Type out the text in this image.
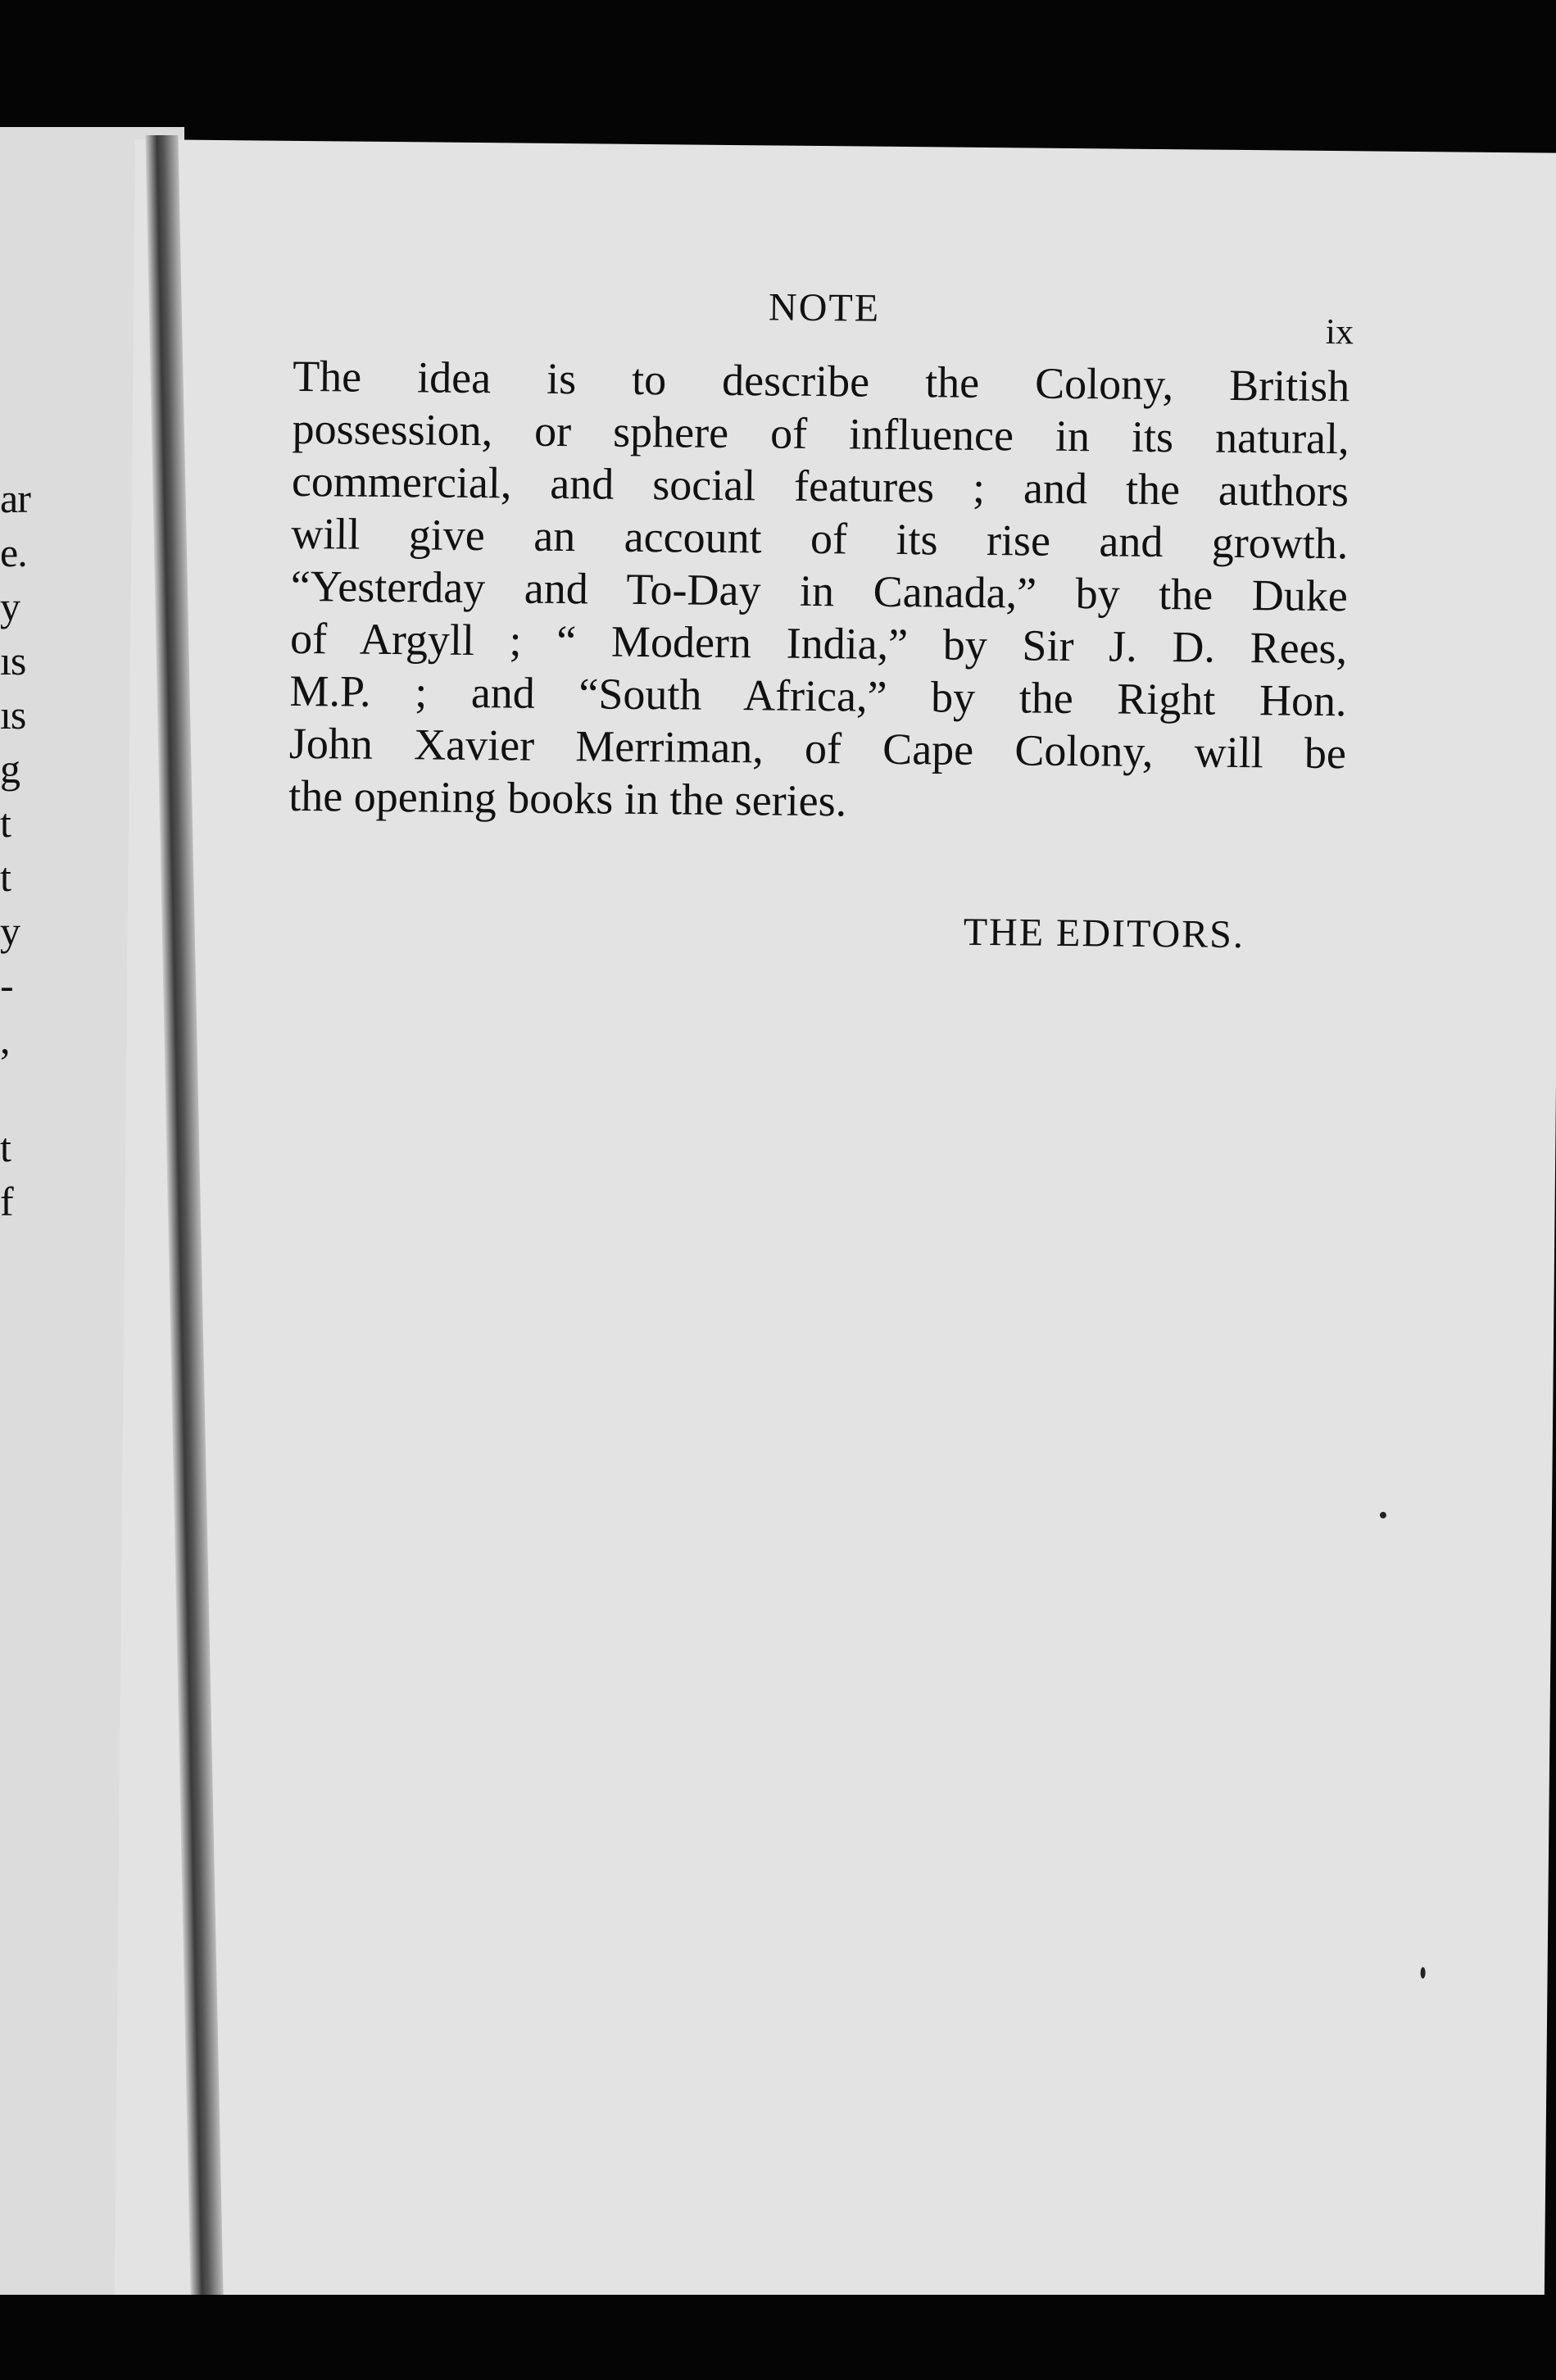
ar
e.
y
ıs
ıs
g
t
t
y
-
,
t
f
NOTE
ix
The idea is to describe the Colony, British
possession, or sphere of influence in its natural,
commercial, and social features ; and the authors
will give an account of its rise and growth.
“Yesterday and To-Day in Canada,” by the Duke
of Argyll ; “ Modern India,” by Sir J. D. Rees,
M.P. ; and “South Africa,” by the Right Hon.
John Xavier Merriman, of Cape Colony, will be
the opening books in the series.
THE EDITORS.
